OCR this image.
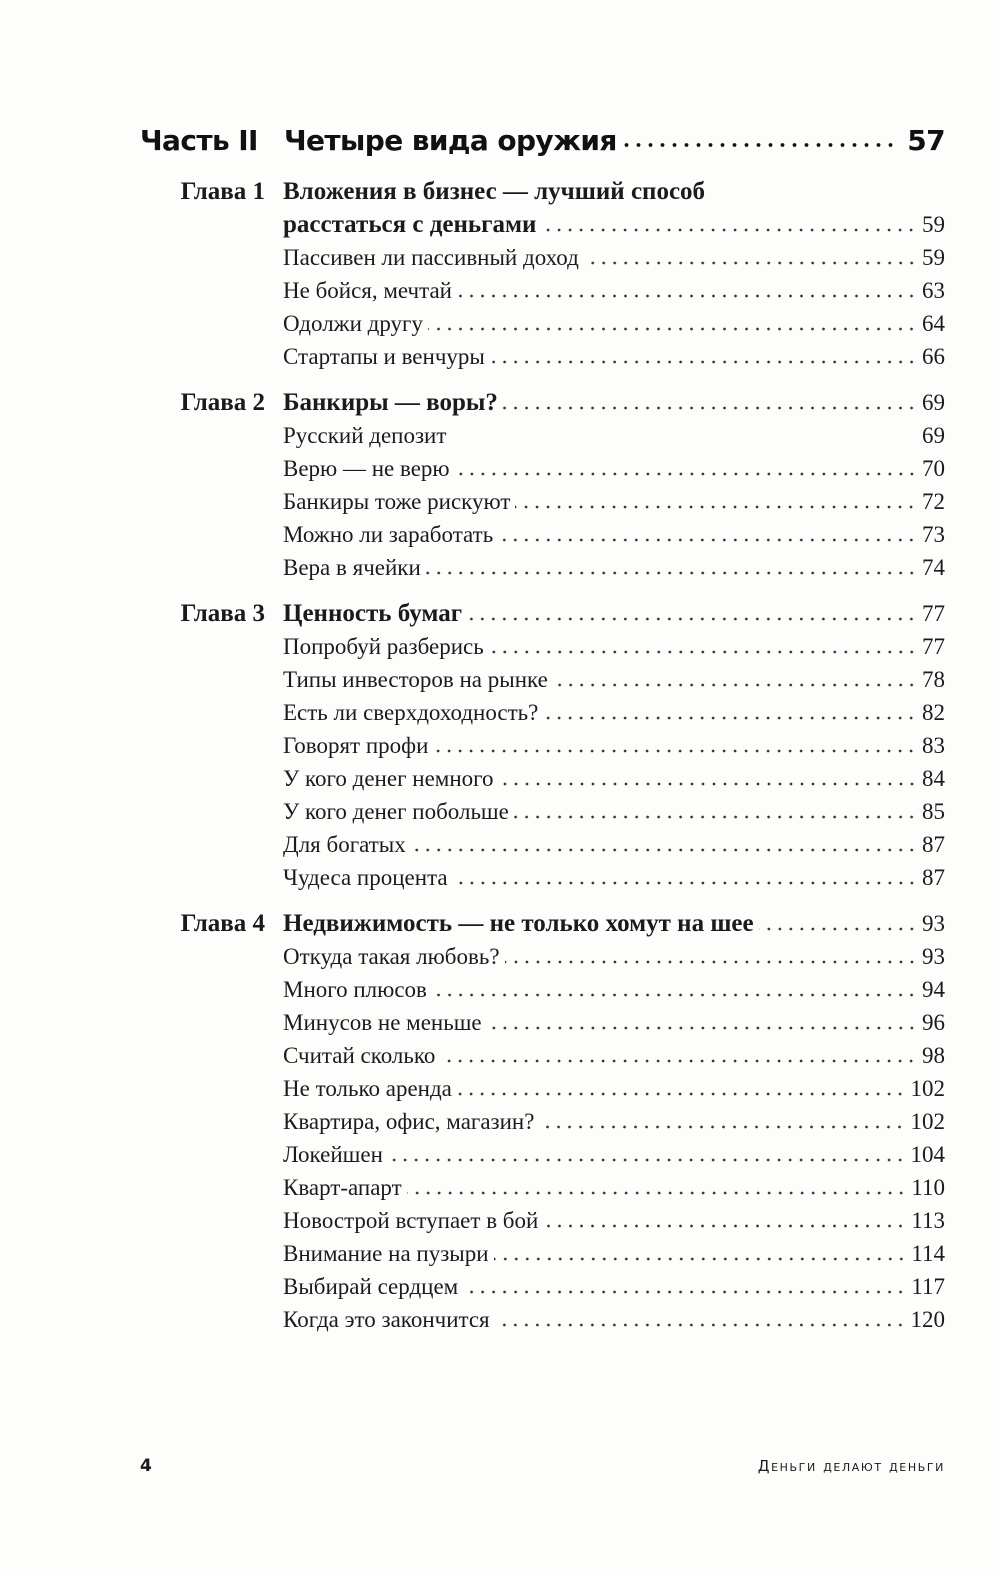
Часть II Четыре вида оружия	57
Глава 1 Вложения в бизнес — лучший способ
расстаться с деньгами	59
Пассивен ли пассивный доход	59
Не бойся, мечтай	63
Одолжи другу	64
Стартапы и венчуры	66
Глава 2 Банкиры — воры?	69
Русский депозит	69
Верю — не верю	70
Банкиры тоже рискуют	72
Можно ли заработать	73
Вера в ячейки	74
Глава 3 Ценность бумаг	77
Попробуй разберись	77
Типы инвесторов на рынке	78
Есть ли сверхдоходность?	82
Говорят профи	83
У кого денег немного	84
У кого денег побольше	85
Для богатых	87
Чудеса процента	87
Глава 4 Недвижимость — не только хомут на шее	93
Откуда такая любовь?	93
Много плюсов	94
Минусов не меньше	96
Считай сколько	98
Не только аренда	102
Квартира, офис, магазин?	102
Локейшен	104
Кварт-апарт	110
Новострой вступает в бой	113
Внимание на пузыри	114
Выбирай сердцем	117
Когда это закончится	120
4	Деньги делают деньги
